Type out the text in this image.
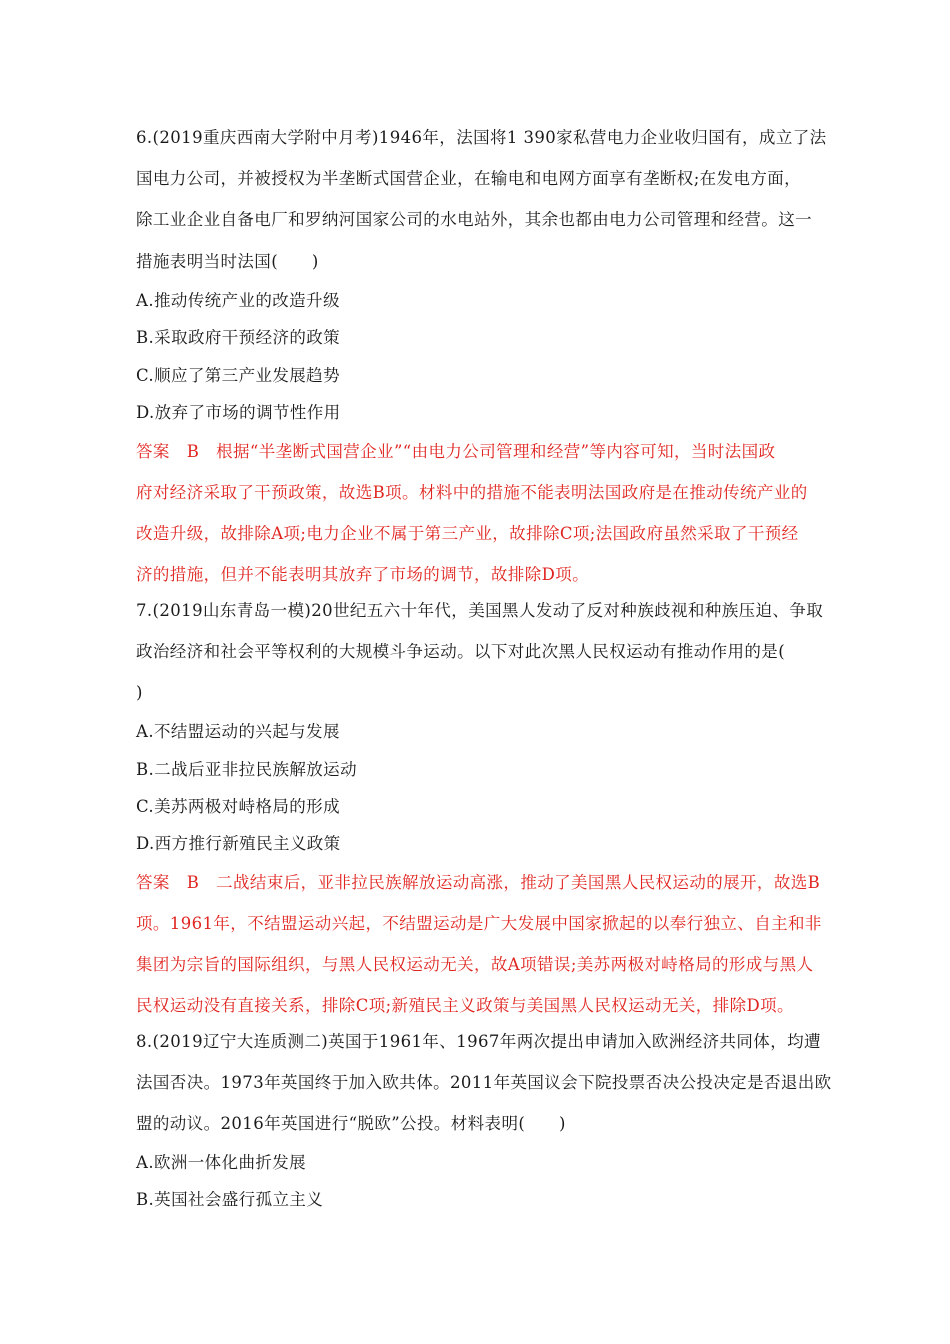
6.(2019重庆西南大学附中月考)1946年，法国将1 390家私营电力企业收归国有，成立了法
国电力公司，并被授权为半垄断式国营企业，在输电和电网方面享有垄断权;在发电方面，
除工业企业自备电厂和罗纳河国家公司的水电站外，其余也都由电力公司管理和经营。这一
措施表明当时法国(　　)
A.推动传统产业的改造升级
B.采取政府干预经济的政策
C.顺应了第三产业发展趋势
D.放弃了市场的调节性作用
答案　B　根据“半垄断式国营企业”“由电力公司管理和经营”等内容可知，当时法国政
府对经济采取了干预政策，故选B项。材料中的措施不能表明法国政府是在推动传统产业的
改造升级，故排除A项;电力企业不属于第三产业，故排除C项;法国政府虽然采取了干预经
济的措施，但并不能表明其放弃了市场的调节，故排除D项。
7.(2019山东青岛一模)20世纪五六十年代，美国黑人发动了反对种族歧视和种族压迫、争取
政治经济和社会平等权利的大规模斗争运动。以下对此次黑人民权运动有推动作用的是(
)
A.不结盟运动的兴起与发展
B.二战后亚非拉民族解放运动
C.美苏两极对峙格局的形成
D.西方推行新殖民主义政策
答案　B　二战结束后，亚非拉民族解放运动高涨，推动了美国黑人民权运动的展开，故选B
项。1961年，不结盟运动兴起，不结盟运动是广大发展中国家掀起的以奉行独立、自主和非
集团为宗旨的国际组织，与黑人民权运动无关，故A项错误;美苏两极对峙格局的形成与黑人
民权运动没有直接关系，排除C项;新殖民主义政策与美国黑人民权运动无关，排除D项。
8.(2019辽宁大连质测二)英国于1961年、1967年两次提出申请加入欧洲经济共同体，均遭
法国否决。1973年英国终于加入欧共体。2011年英国议会下院投票否决公投决定是否退出欧
盟的动议。2016年英国进行“脱欧”公投。材料表明(　　)
A.欧洲一体化曲折发展
B.英国社会盛行孤立主义
